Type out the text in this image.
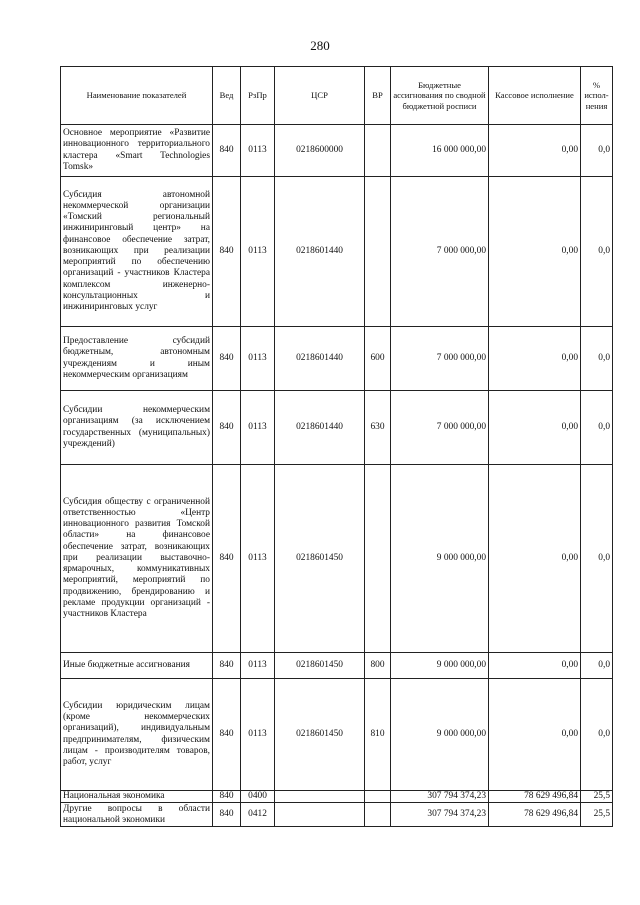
280
Наименование показателей	Вед	РзПр	ЦСР	ВР	Бюджетные ассигнования по сводной бюджетной росписи	Кассовое исполнение	% испол-нения
Основное мероприятие «Развитие инновационного территориального кластера «Smart Technologies Tomsk»	840	0113	0218600000		16 000 000,00	0,00	0,0
Субсидия автономной некоммерческой организации «Томский региональный инжиниринговый центр» на финансовое обеспечение затрат, возникающих при реализации мероприятий по обеспечению организаций - участников Кластера комплексом инженерно-консультационных и инжиниринговых услуг	840	0113	0218601440		7 000 000,00	0,00	0,0
Предоставление субсидий бюджетным, автономным учреждениям и иным некоммерческим организациям	840	0113	0218601440	600	7 000 000,00	0,00	0,0
Субсидии некоммерческим организациям (за исключением государственных (муниципальных) учреждений)	840	0113	0218601440	630	7 000 000,00	0,00	0,0
Субсидия обществу с ограниченной ответственностью «Центр инновационного развития Томской области» на финансовое обеспечение затрат, возникающих при реализации выставочно-ярмарочных, коммуникативных мероприятий, мероприятий по продвижению, брендированию и рекламе продукции организаций - участников Кластера	840	0113	0218601450		9 000 000,00	0,00	0,0
Иные бюджетные ассигнования	840	0113	0218601450	800	9 000 000,00	0,00	0,0
Субсидии юридическим лицам (кроме некоммерческих организаций), индивидуальным предпринимателям, физическим лицам - производителям товаров, работ, услуг	840	0113	0218601450	810	9 000 000,00	0,00	0,0
Национальная экономика	840	0400			307 794 374,23	78 629 496,84	25,5
Другие вопросы в области национальной экономики	840	0412			307 794 374,23	78 629 496,84	25,5
